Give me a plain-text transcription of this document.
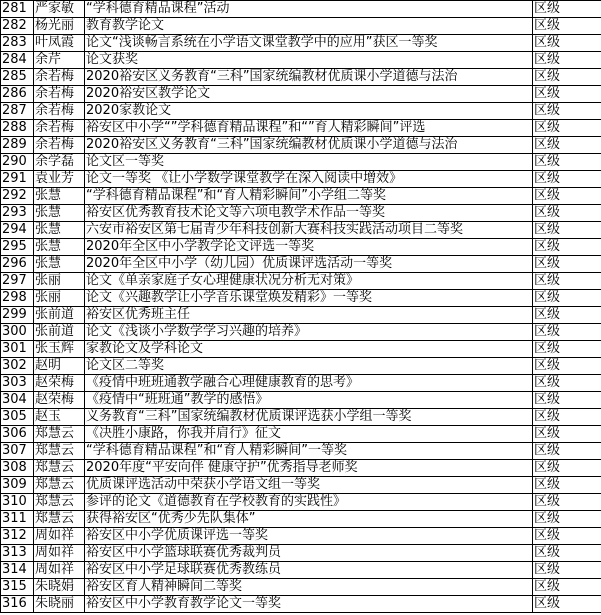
281	严家敏	“学科德育精品课程”活动	区级
282	杨光丽	教育教学论文	区级
283	叶凤霞	论文“浅谈畅言系统在小学语文课堂教学中的应用”获区一等奖	区级
284	余芹	论文获奖	区级
285	余若梅	2020裕安区义务教育“三科”国家统编教材优质课小学道德与法治	区级
286	余若梅	2020裕安区教学论文	区级
287	余若梅	2020家教论文	区级
288	余若梅	裕安区中小学“”学科德育精品课程”和“”育人精彩瞬间”评选	区级
289	余若梅	2020裕安区义务教育“三科”国家统编教材优质课小学道德与法治	区级
290	余学磊	论文区一等奖	区级
291	袁业芳	论文一等奖 《让小学数学课堂教学在深入阅读中增效》	区级
292	张慧	“学科德育精品课程”和“育人精彩瞬间”小学组二等奖	区级
293	张慧	裕安区优秀教育技术论文等六项电教学术作品一等奖	区级
294	张慧	六安市裕安区第七届青少年科技创新大赛科技实践活动项目二等奖	区级
295	张慧	2020年全区中小学教学论文评选一等奖	区级
296	张慧	2020年全区中小学（幼儿园）优质课评选活动一等奖	区级
297	张丽	论文《单亲家庭子女心理健康状况分析无对策》	区级
298	张丽	论文《兴趣教学让小学音乐课堂焕发精彩》一等奖	区级
299	张前道	裕安区优秀班主任	区级
300	张前道	论文《浅谈小学数学学习兴趣的培养》	区级
301	张玉辉	家教论文及学科论文	区级
302	赵明	论文区二等奖	区级
303	赵荣梅	《疫情中班班通教学融合心理健康教育的思考》	区级
304	赵荣梅	《疫情中“班班通”教学的感悟》	区级
305	赵玉	义务教育“三科”国家统编教材优质课评选获小学组一等奖	区级
306	郑慧云	《决胜小康路，你我并肩行》征文	区级
307	郑慧云	“学科德育精品课程”和“育人精彩瞬间”一等奖	区级
308	郑慧云	2020年度“平安向伴 健康守护”优秀指导老师奖	区级
309	郑慧云	优质课评选活动中荣获小学语文组一等奖	区级
310	郑慧云	参评的论文《道德教育在学校教育的实践性》	区级
311	郑慧云	获得裕安区“优秀少先队集体”	区级
312	周如祥	裕安区中小学优质课评选一等奖	区级
313	周如祥	裕安区中小学篮球联赛优秀裁判员	区级
314	周如祥	裕安区中小学足球联赛优秀教练员	区级
315	朱晓娟	裕安区育人精神瞬间二等奖	区级
316	朱晓丽	裕安区中小学教育教学论文一等奖	区级
